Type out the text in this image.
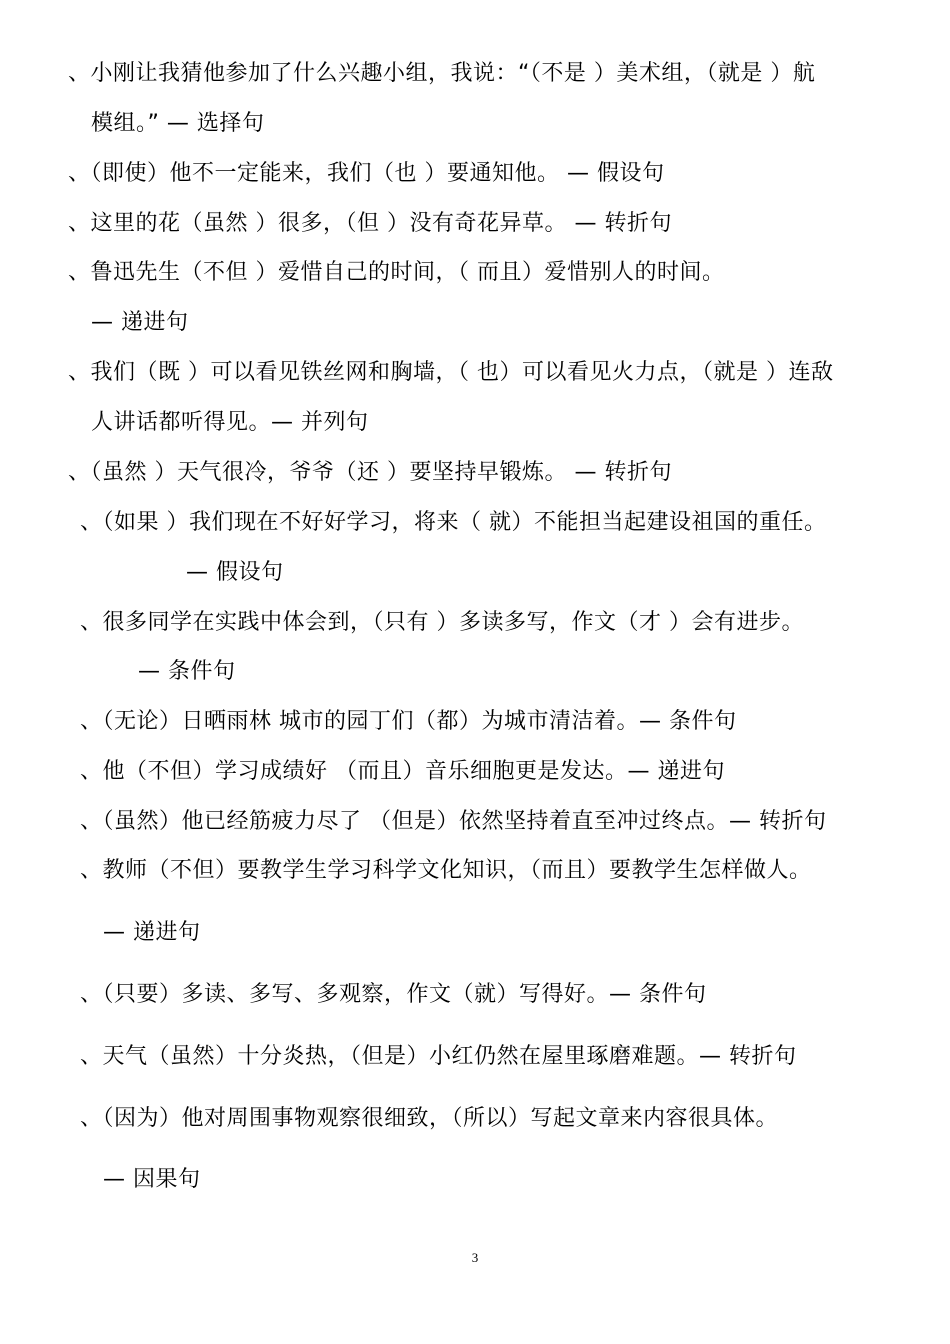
、小刚让我猜他参加了什么兴趣小组，我说：“（不是 ）美术组，（就是 ）航
模组。” — 选择句
、（即使）他不一定能来，我们（也 ）要通知他。 — 假设句
、这里的花（虽然 ）很多，（但 ）没有奇花异草。 — 转折句
、鲁迅先生（不但 ）爱惜自己的时间，（ 而且）爱惜别人的时间。
— 递进句
、我们（既 ）可以看见铁丝网和胸墙，（ 也）可以看见火力点，（就是 ）连敌
人讲话都听得见。— 并列句
、（虽然 ）天气很冷，爷爷（还 ）要坚持早锻炼。 — 转折句
、（如果 ）我们现在不好好学习，将来（ 就）不能担当起建设祖国的重任。
— 假设句
、很多同学在实践中体会到，（只有 ）多读多写，作文（才 ）会有进步。
— 条件句
、（无论）日晒雨林 城市的园丁们（都）为城市清洁着。— 条件句
、他（不但）学习成绩好 （而且）音乐细胞更是发达。— 递进句
、（虽然）他已经筋疲力尽了 （但是）依然坚持着直至冲过终点。— 转折句
、教师（不但）要教学生学习科学文化知识，（而且）要教学生怎样做人。
— 递进句
、（只要）多读、多写、多观察，作文（就）写得好。— 条件句
、天气（虽然）十分炎热，（但是）小红仍然在屋里琢磨难题。— 转折句
、（因为）他对周围事物观察很细致，（所以）写起文章来内容很具体。
— 因果句
3
